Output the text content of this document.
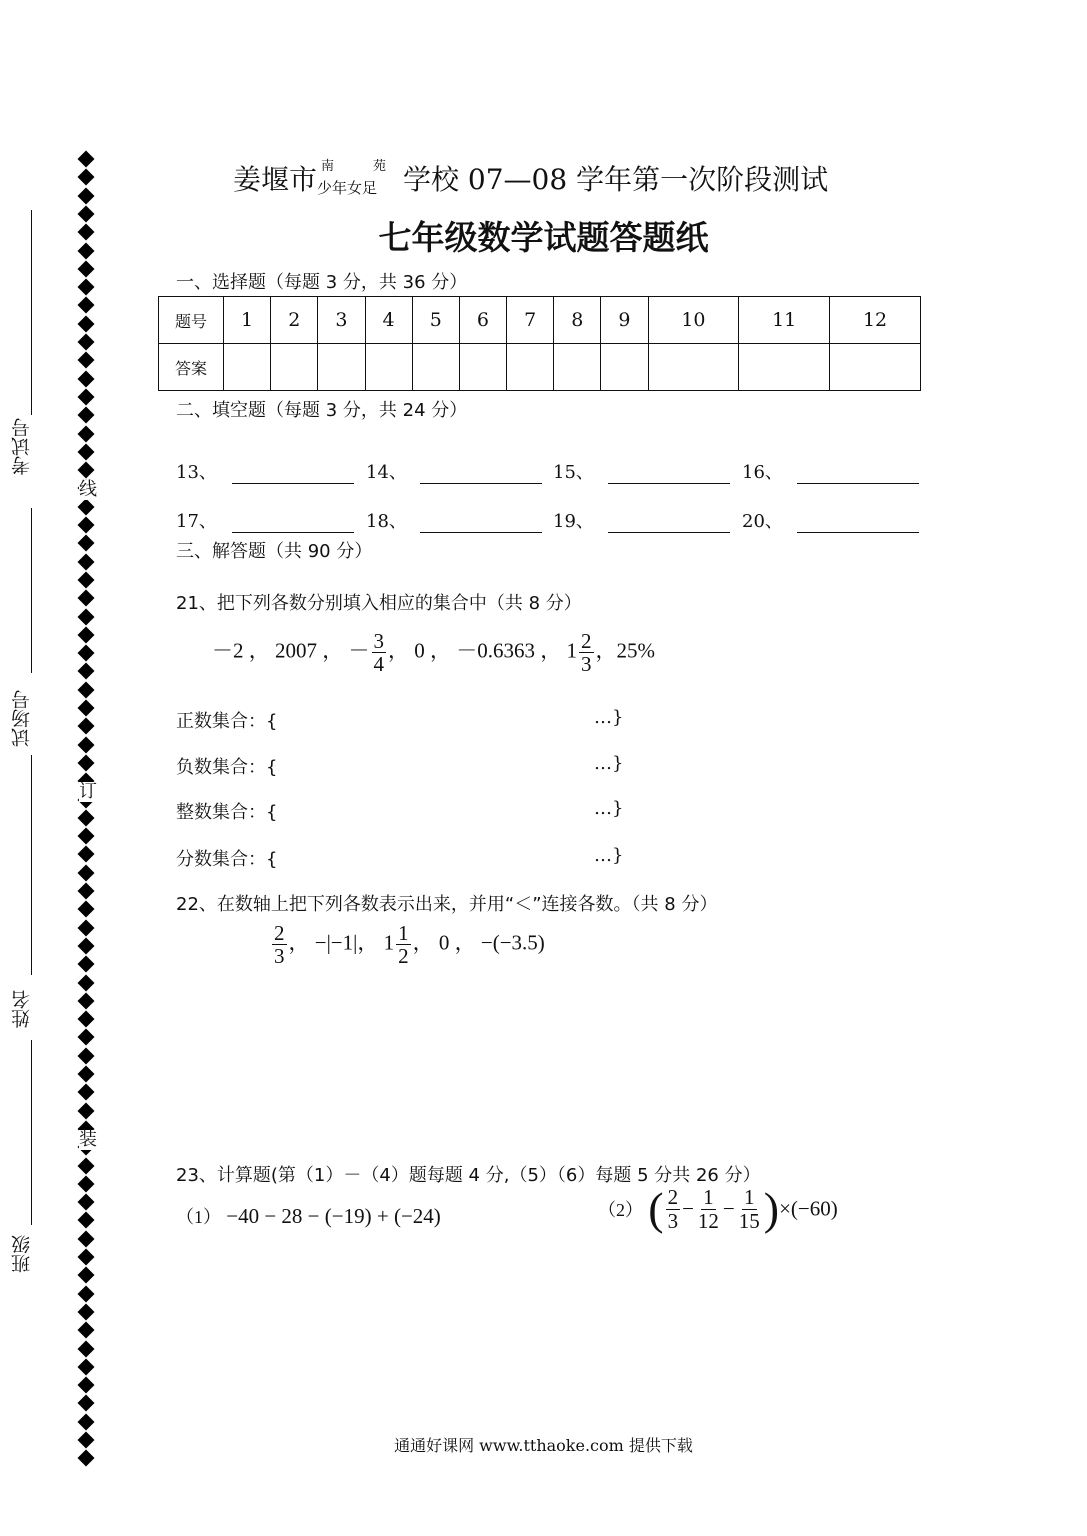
考试号
试场号
姓名
班级
线
订
装
姜堰市 南	苑
少年女足 学校 07—08 学年第一次阶段测试
七年级数学试题答题纸
一、选择题（每题 3 分，共 36 分）
题号	1	2	3	4	5	6	7	8	9	10	11	12
答案												
二、填空题（每题 3 分，共 24 分）
13、	14、	15、	16、
17、	18、	19、	20、
三、解答题（共 90 分）
21、把下列各数分别填入相应的集合中（共 8 分）
－2 ， 2007 ， － $\frac{3}{4}$ ， 0 ， －0.6363 ， $1 \frac{2}{3}$ ，25%
正数集合：{	…}
负数集合：{	…}
整数集合：{	…}
分数集合：{	…}
22、在数轴上把下列各数表示出来，并用“＜”连接各数。（共 8 分）
$\frac{2}{3}$ ， −|−1|， $1 \frac{1}{2}$ ， 0 ， −(−3.5)
23、计算题(第（1）－（4）题每题 4 分,（5）（6）每题 5 分共 26 分）
（1） −40 − 28 − (−19) + (−24)	（2） ( $\frac{2}{3} - \frac{1}{12} - \frac{1}{15} )\times(-60)$
通通好课网 www.tthaoke.com 提供下载
